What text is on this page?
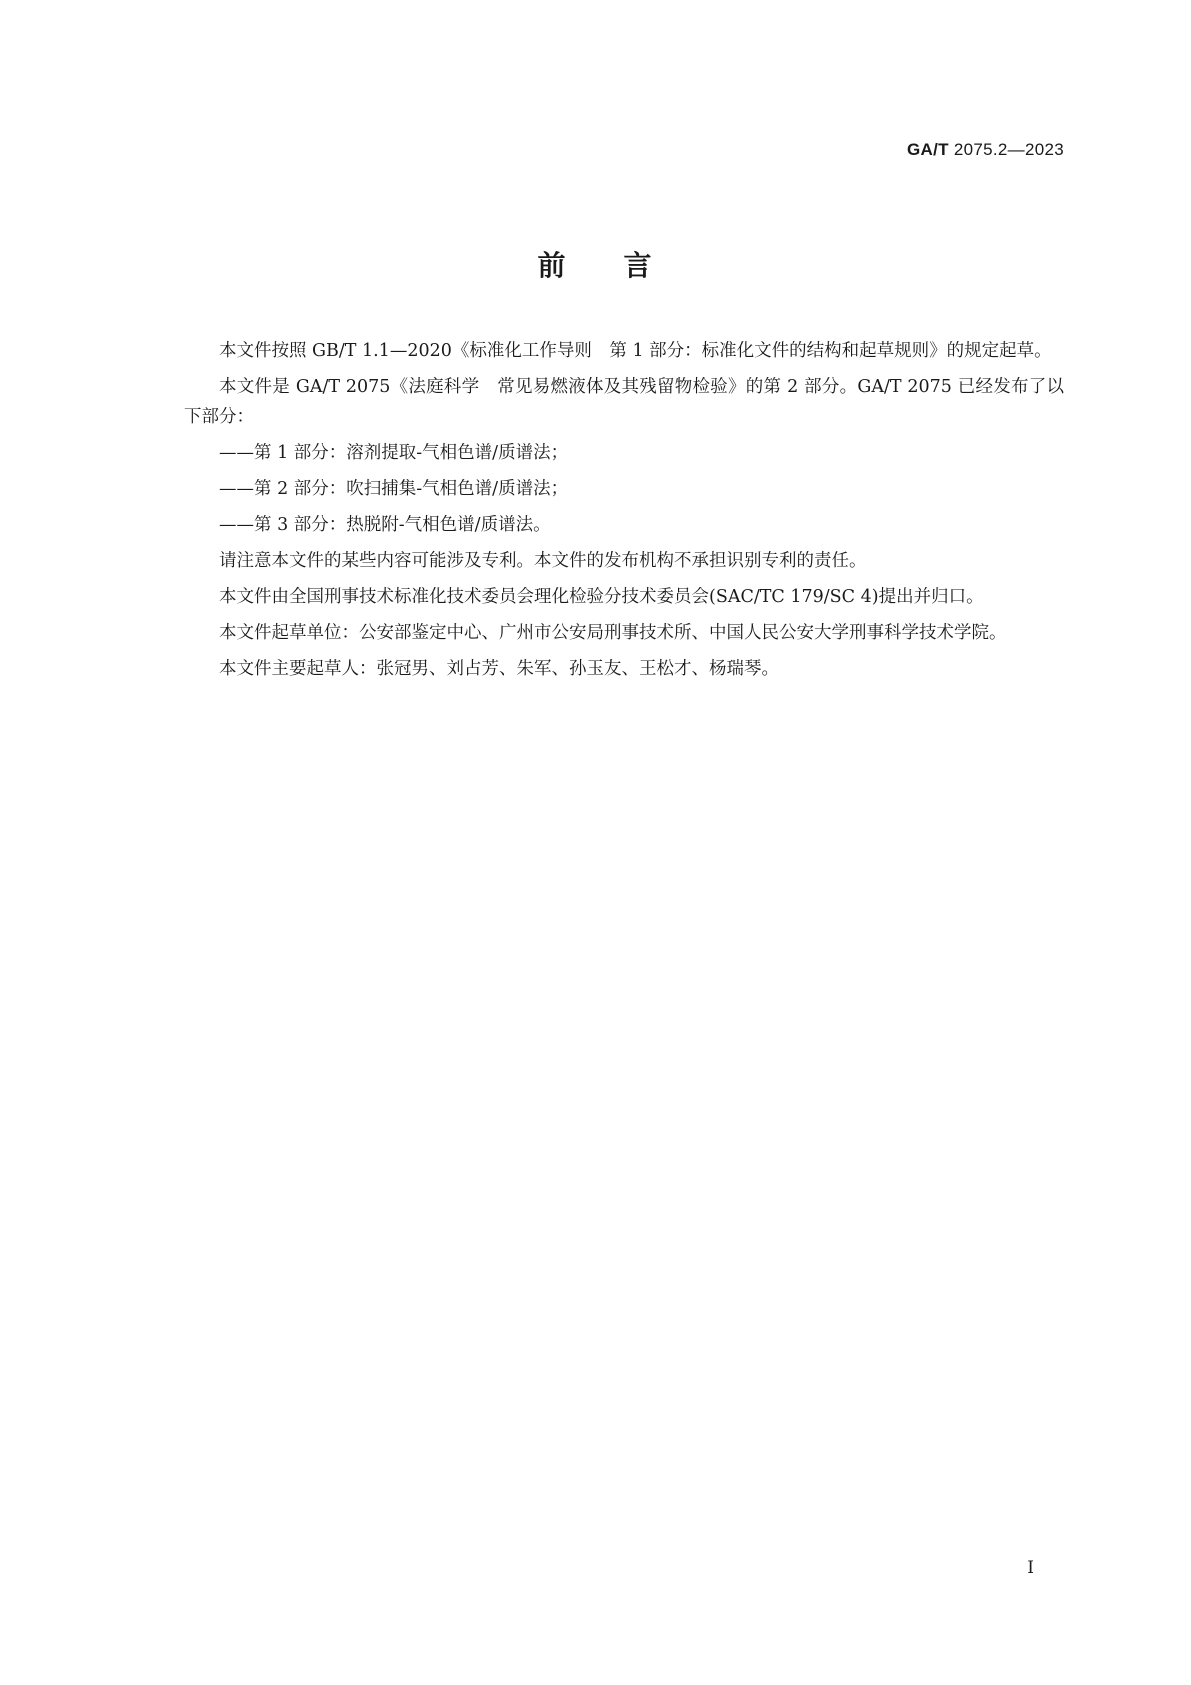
GA/T 2075.2—2023
前 言

本文件按照 GB/T 1.1—2020《标准化工作导则　第 1 部分：标准化文件的结构和起草规则》的规定起草。

本文件是 GA/T 2075《法庭科学　常见易燃液体及其残留物检验》的第 2 部分。GA/T 2075 已经发布了以下部分：

——第 1 部分：溶剂提取-气相色谱/质谱法；

——第 2 部分：吹扫捕集-气相色谱/质谱法；

——第 3 部分：热脱附-气相色谱/质谱法。

请注意本文件的某些内容可能涉及专利。本文件的发布机构不承担识别专利的责任。

本文件由全国刑事技术标准化技术委员会理化检验分技术委员会(SAC/TC 179/SC 4)提出并归口。

本文件起草单位：公安部鉴定中心、广州市公安局刑事技术所、中国人民公安大学刑事科学技术学院。

本文件主要起草人：张冠男、刘占芳、朱军、孙玉友、王松才、杨瑞琴。

I
